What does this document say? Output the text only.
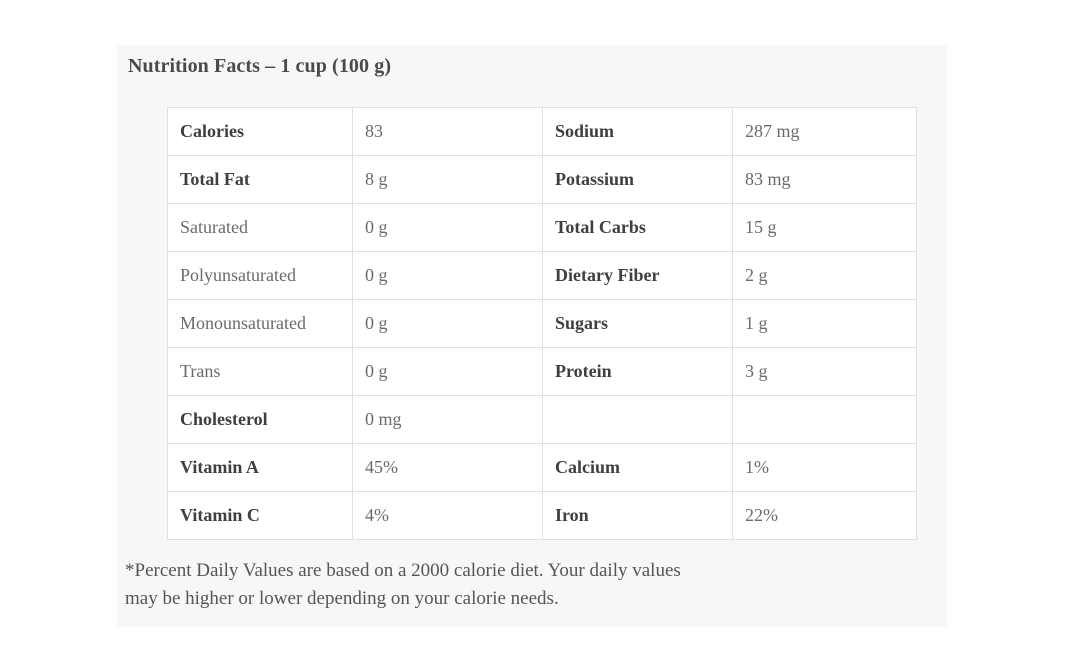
Nutrition Facts – 1 cup (100 g)
Calories	83	Sodium	287 mg
Total Fat	8 g	Potassium	83 mg
Saturated	0 g	Total Carbs	15 g
Polyunsaturated	0 g	Dietary Fiber	2 g
Monounsaturated	0 g	Sugars	1 g
Trans	0 g	Protein	3 g
Cholesterol	0 mg		
Vitamin A	45%	Calcium	1%
Vitamin C	4%	Iron	22%
*Percent Daily Values are based on a 2000 calorie diet. Your daily values
may be higher or lower depending on your calorie needs.
